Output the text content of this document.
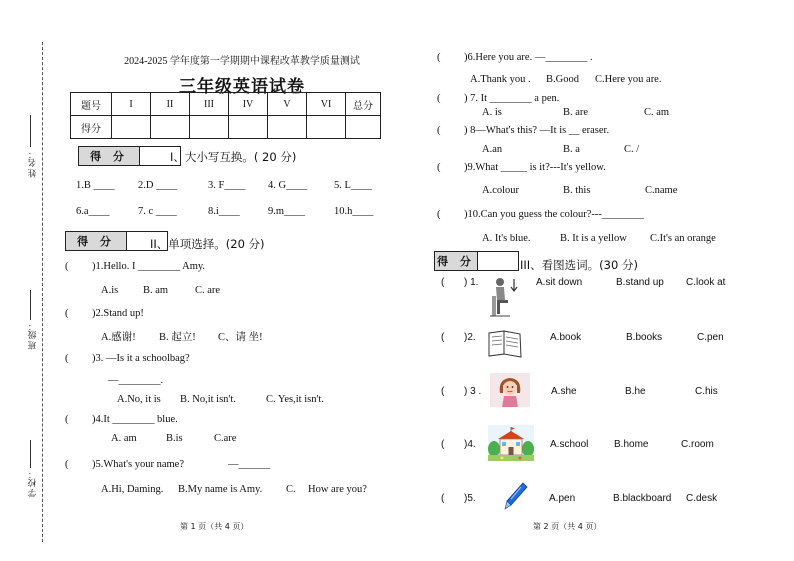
姓 名：
班 级：
学 校：
2024-2025 学年度第一学期期中课程改革教学质量测试
三年级英语试卷
题号	I	II	III	IV	V	VI	总分
得分							
得 分	I、大小写互换。( 20 分)
1.B ____ 2.D ____	3. F____ 4. G____	5. L____
6.a____	7. c ____	8.i____	9.m____	10.h____
得 分	II、单项选择。(20 分)
( )1.Hello. I ________ Amy.
A.is B. am	C. are
( )2.Stand up!
A.感谢! B. 起立! C、请 坐!
( )3. —Is it a schoolbag?
—________.
A.No, it is B. No,it isn't.	C. Yes,it isn't.
( )4.It ________ blue.
A. am	B.is	C.are
( )5.What's your name?	—______
A.Hi, Daming. B.My name is Amy. C. How are you?
第 1 页（共 4 页）
( )6.Here you are. —________ .
A.Thank you . B.Good C.Here you are.
( ) 7. It ________ a pen.
A. is	B. are	C. am
( ) 8—What's this? —It is __ eraser.
A.an	B. a	C. /
( )9.What _____ is it?---It's yellow.
A.colour	B. this	C.name
( )10.Can you guess the colour?---________
A. It's blue.	B. It is a yellow C.It's an orange
得 分	III、看图选词。(30 分)
( ) 1.	A.sit down	B.stand up C.look at
( )2.	A.book	B.books	C.pen
( ) 3 .	A.she	B.he	C.his
( )4.	A.school	B.home	C.room
( )5.	A.pen	B.blackboard C.desk
第 2 页（共 4 页）
